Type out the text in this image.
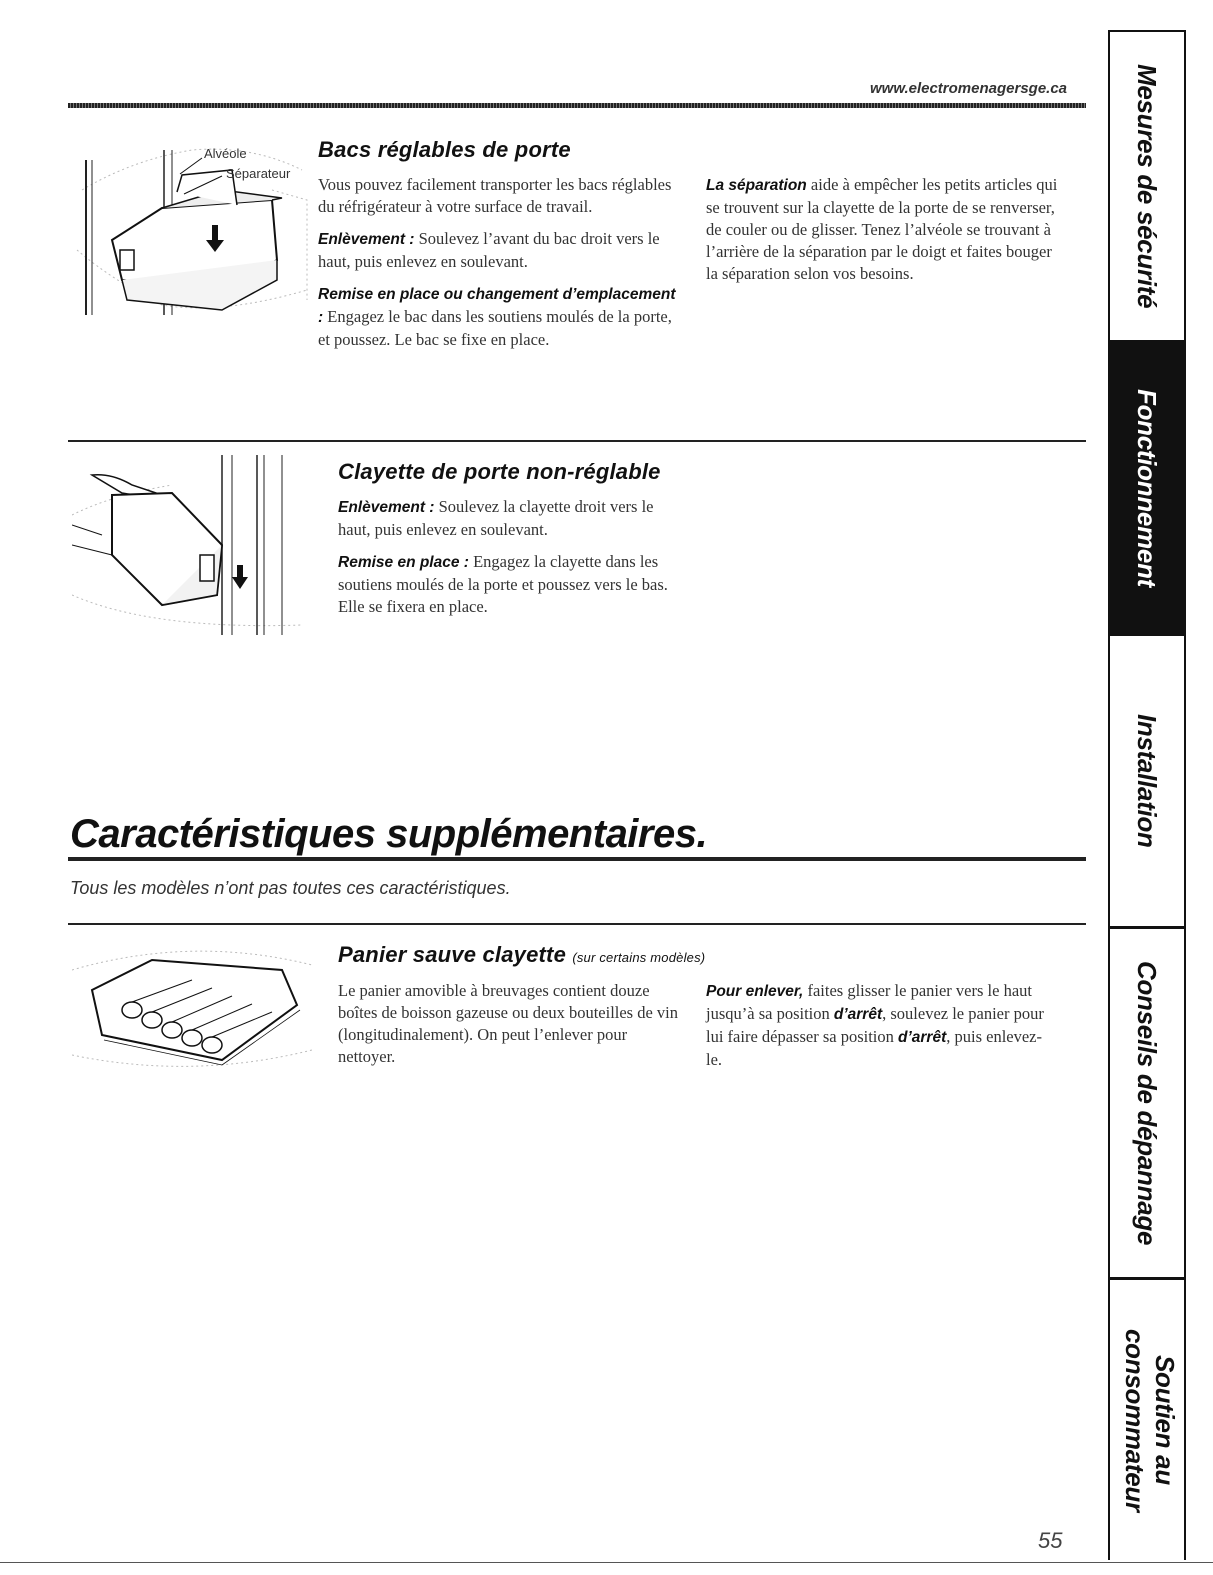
www.electromenagersge.ca
Alvéole
Séparateur
Bacs réglables de porte

Vous pouvez facilement transporter les bacs réglables du réfrigérateur à votre surface de travail.

Enlèvement : Soulevez l’avant du bac droit vers le haut, puis enlevez en soulevant.

Remise en place ou changement d’emplacement : Engagez le bac dans les soutiens moulés de la porte, et poussez. Le bac se fixe en place.

La séparation aide à empêcher les petits articles qui se trouvent sur la clayette de la porte de se renverser, de couler ou de glisser. Tenez l’alvéole se trouvant à l’arrière de la séparation par le doigt et faites bouger la séparation selon vos besoins.

Clayette de porte non-réglable

Enlèvement : Soulevez la clayette droit vers le haut, puis enlevez en soulevant.

Remise en place : Engagez la clayette dans les soutiens moulés de la porte et poussez vers le bas. Elle se fixera en place.

Caractéristiques supplémentaires.
Tous les modèles n’ont pas toutes ces caractéristiques.
Panier sauve clayette (sur certains modèles)

Le panier amovible à breuvages contient douze boîtes de boisson gazeuse ou deux bouteilles de vin (longitudinalement). On peut l’enlever pour nettoyer.

Pour enlever, faites glisser le panier vers le haut jusqu’à sa position d’arrêt, soulevez le panier pour lui faire dépasser sa position d’arrêt, puis enlevez-le.

Mesures de sécurité
Fonctionnement
Installation
Conseils de dépannage
Soutien au consommateur
55
